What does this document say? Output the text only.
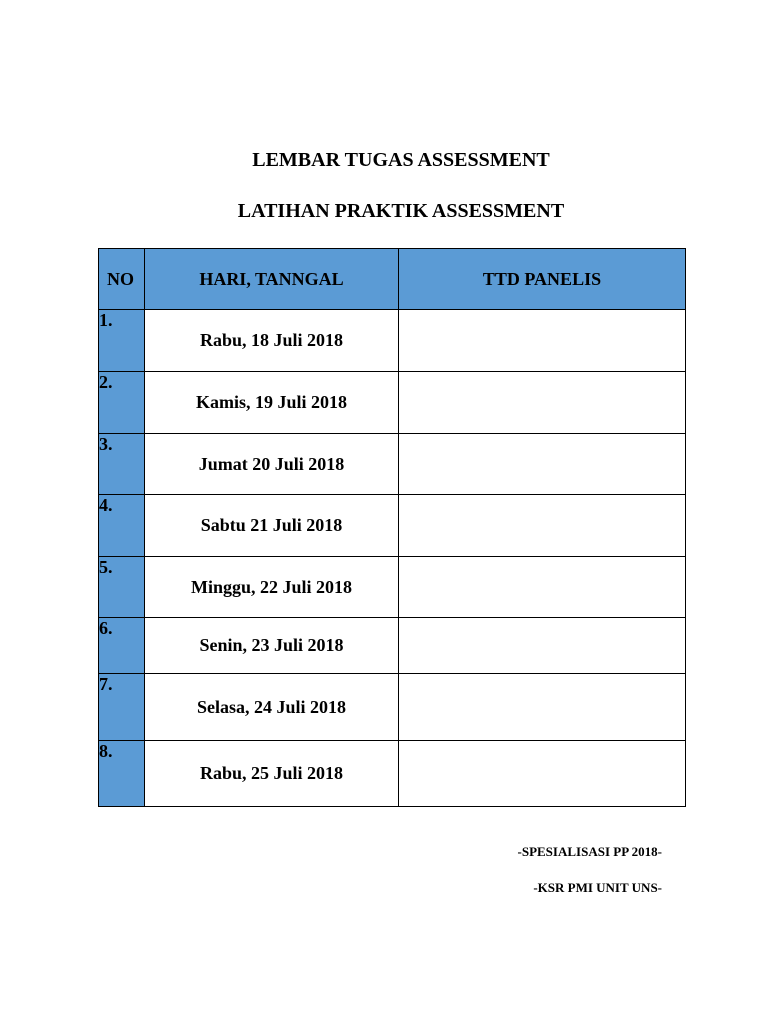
LEMBAR TUGAS ASSESSMENT
LATIHAN PRAKTIK ASSESSMENT
NO	HARI, TANNGAL	TTD PANELIS
1.	Rabu, 18 Juli 2018	
2.	Kamis, 19 Juli 2018	
3.	Jumat 20 Juli 2018	
4.	Sabtu 21 Juli 2018	
5.	Minggu, 22 Juli 2018	
6.	Senin, 23 Juli 2018	
7.	Selasa, 24 Juli 2018	
8.	Rabu, 25 Juli 2018	
-SPESIALISASI PP 2018-
-KSR PMI UNIT UNS-
